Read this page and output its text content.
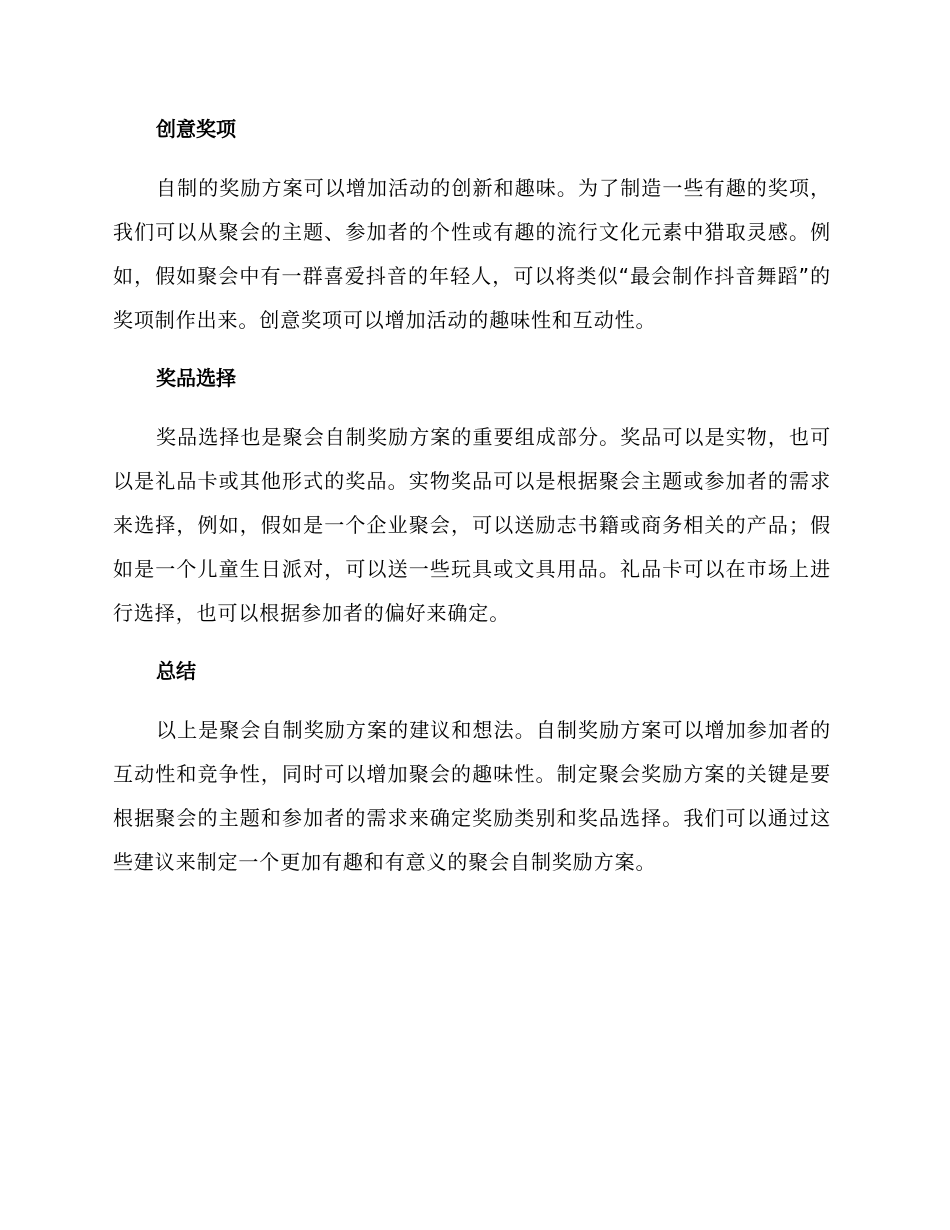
创意奖项

自制的奖励方案可以增加活动的创新和趣味。为了制造一些有趣的奖项，我们可以从聚会的主题、参加者的个性或有趣的流行文化元素中猎取灵感。例如，假如聚会中有一群喜爱抖音的年轻人，可以将类似“最会制作抖音舞蹈”的奖项制作出来。创意奖项可以增加活动的趣味性和互动性。

奖品选择

奖品选择也是聚会自制奖励方案的重要组成部分。奖品可以是实物，也可以是礼品卡或其他形式的奖品。实物奖品可以是根据聚会主题或参加者的需求来选择，例如，假如是一个企业聚会，可以送励志书籍或商务相关的产品；假如是一个儿童生日派对，可以送一些玩具或文具用品。礼品卡可以在市场上进行选择，也可以根据参加者的偏好来确定。

总结

以上是聚会自制奖励方案的建议和想法。自制奖励方案可以增加参加者的互动性和竞争性，同时可以增加聚会的趣味性。制定聚会奖励方案的关键是要根据聚会的主题和参加者的需求来确定奖励类别和奖品选择。我们可以通过这些建议来制定一个更加有趣和有意义的聚会自制奖励方案。
